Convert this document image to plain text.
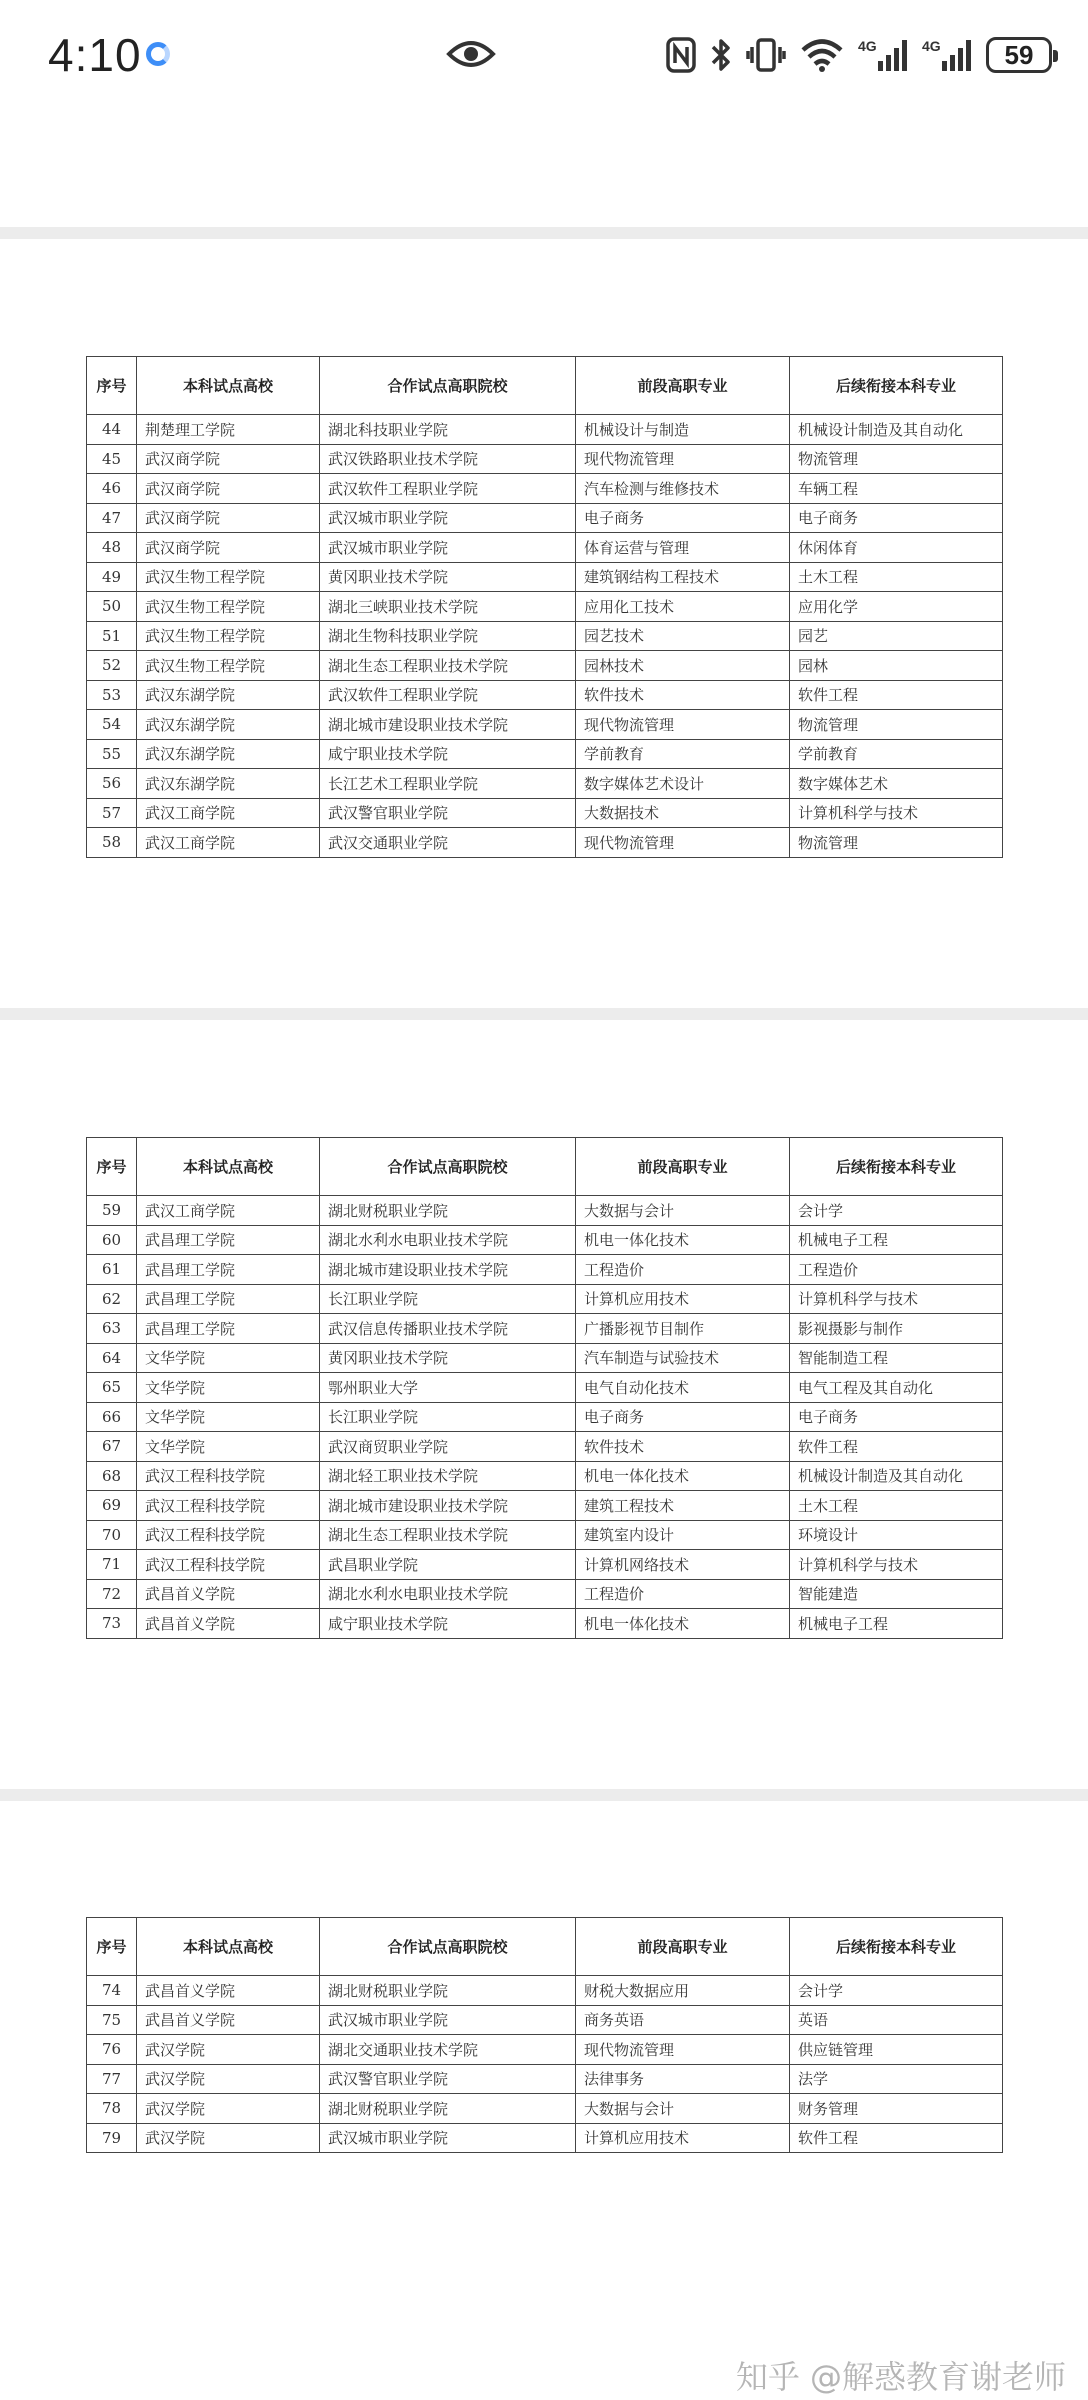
4:10	4G	4G	59
序号	本科试点高校	合作试点高职院校	前段高职专业	后续衔接本科专业
44	荆楚理工学院	湖北科技职业学院	机械设计与制造	机械设计制造及其自动化
45	武汉商学院	武汉铁路职业技术学院	现代物流管理	物流管理
46	武汉商学院	武汉软件工程职业学院	汽车检测与维修技术	车辆工程
47	武汉商学院	武汉城市职业学院	电子商务	电子商务
48	武汉商学院	武汉城市职业学院	体育运营与管理	休闲体育
49	武汉生物工程学院	黄冈职业技术学院	建筑钢结构工程技术	土木工程
50	武汉生物工程学院	湖北三峡职业技术学院	应用化工技术	应用化学
51	武汉生物工程学院	湖北生物科技职业学院	园艺技术	园艺
52	武汉生物工程学院	湖北生态工程职业技术学院	园林技术	园林
53	武汉东湖学院	武汉软件工程职业学院	软件技术	软件工程
54	武汉东湖学院	湖北城市建设职业技术学院	现代物流管理	物流管理
55	武汉东湖学院	咸宁职业技术学院	学前教育	学前教育
56	武汉东湖学院	长江艺术工程职业学院	数字媒体艺术设计	数字媒体艺术
57	武汉工商学院	武汉警官职业学院	大数据技术	计算机科学与技术
58	武汉工商学院	武汉交通职业学院	现代物流管理	物流管理
序号	本科试点高校	合作试点高职院校	前段高职专业	后续衔接本科专业
59	武汉工商学院	湖北财税职业学院	大数据与会计	会计学
60	武昌理工学院	湖北水利水电职业技术学院	机电一体化技术	机械电子工程
61	武昌理工学院	湖北城市建设职业技术学院	工程造价	工程造价
62	武昌理工学院	长江职业学院	计算机应用技术	计算机科学与技术
63	武昌理工学院	武汉信息传播职业技术学院	广播影视节目制作	影视摄影与制作
64	文华学院	黄冈职业技术学院	汽车制造与试验技术	智能制造工程
65	文华学院	鄂州职业大学	电气自动化技术	电气工程及其自动化
66	文华学院	长江职业学院	电子商务	电子商务
67	文华学院	武汉商贸职业学院	软件技术	软件工程
68	武汉工程科技学院	湖北轻工职业技术学院	机电一体化技术	机械设计制造及其自动化
69	武汉工程科技学院	湖北城市建设职业技术学院	建筑工程技术	土木工程
70	武汉工程科技学院	湖北生态工程职业技术学院	建筑室内设计	环境设计
71	武汉工程科技学院	武昌职业学院	计算机网络技术	计算机科学与技术
72	武昌首义学院	湖北水利水电职业技术学院	工程造价	智能建造
73	武昌首义学院	咸宁职业技术学院	机电一体化技术	机械电子工程
序号	本科试点高校	合作试点高职院校	前段高职专业	后续衔接本科专业
74	武昌首义学院	湖北财税职业学院	财税大数据应用	会计学
75	武昌首义学院	武汉城市职业学院	商务英语	英语
76	武汉学院	湖北交通职业技术学院	现代物流管理	供应链管理
77	武汉学院	武汉警官职业学院	法律事务	法学
78	武汉学院	湖北财税职业学院	大数据与会计	财务管理
79	武汉学院	武汉城市职业学院	计算机应用技术	软件工程
知乎 @解惑教育谢老师
